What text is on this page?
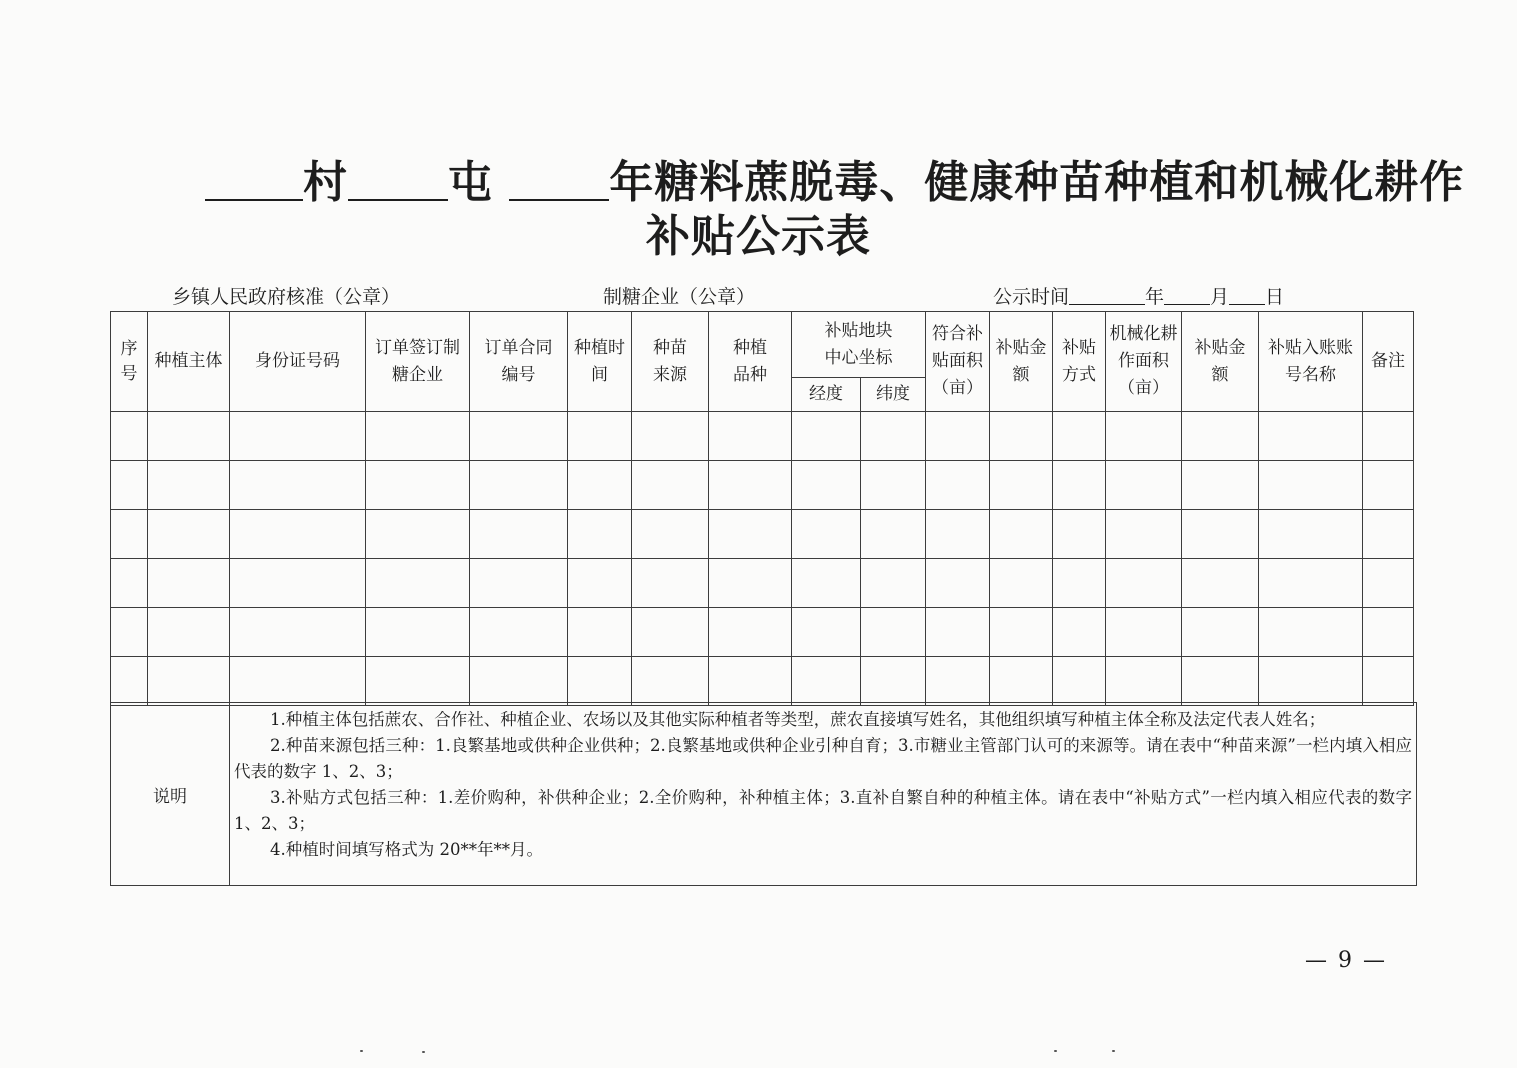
村 屯	年糖料蔗脱毒、健康种苗种植和机械化耕作
补贴公示表
乡镇人民政府核准（公章）	制糖企业（公章）	公示时间	年 月 日
序号	种植主体	身份证号码	订单签订制糖企业	订单合同编号	种植时间	种苗来源	种植品种	补贴地块中心坐标		符合补贴面积（亩）	补贴金额	补贴方式	机械化耕作面积（亩）	补贴金额	补贴入账账号名称	备注
								经度	纬度							

说明	

1.种植主体包括蔗农、合作社、种植企业、农场以及其他实际种植者等类型，蔗农直接填写姓名，其他组织填写种植主体全称及法定代表人姓名；

2.种苗来源包括三种：1.良繁基地或供种企业供种；2.良繁基地或供种企业引种自育；3.市糖业主管部门认可的来源等。请在表中“种苗来源”一栏内填入相应代表的数字 1、2、3；

3.补贴方式包括三种：1.差价购种，补供种企业；2.全价购种，补种植主体；3.直补自繁自种的种植主体。请在表中“补贴方式”一栏内填入相应代表的数字 1、2、3；

4.种植时间填写格式为 20**年**月。

— 9 —
